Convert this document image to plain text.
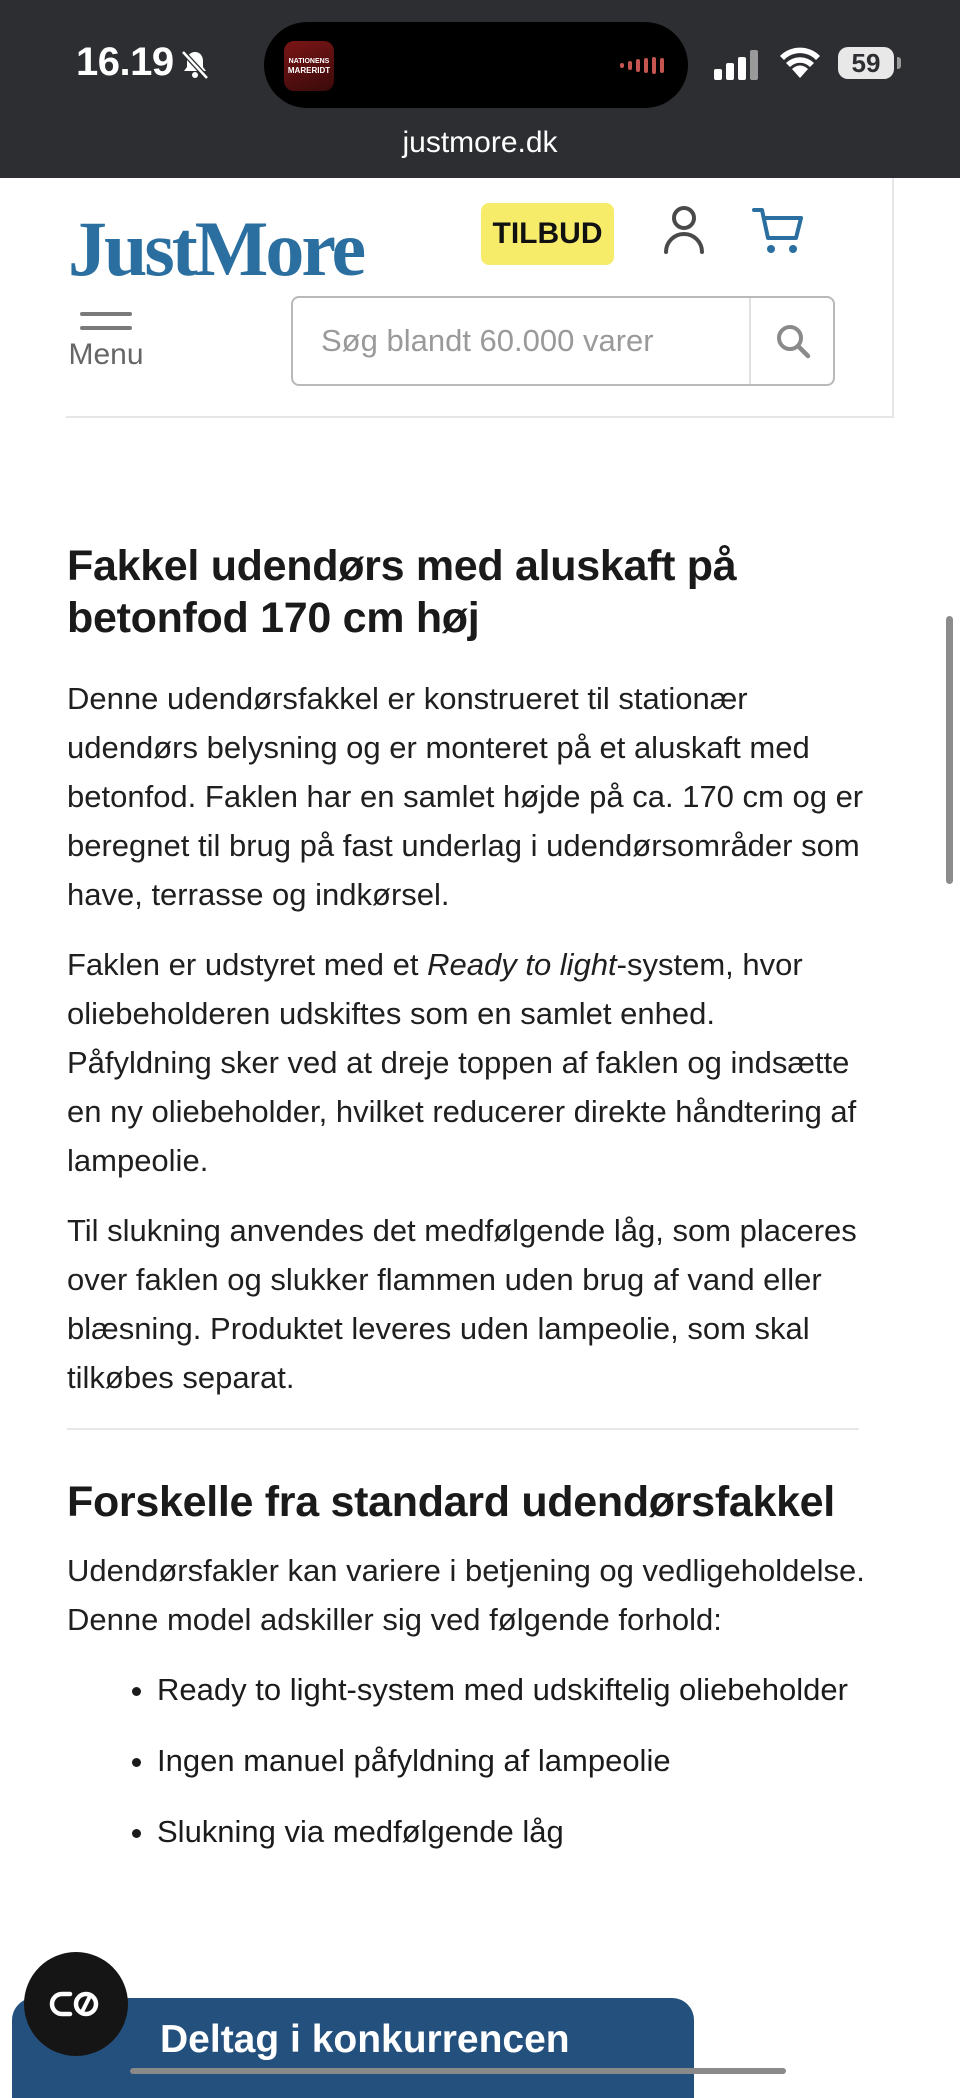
16.19	NATIONENS
MARERIDT	59
justmore.dk
JustMore	TILBUD
Menu
Søg blandt 60.000 varer
Fakkel udendørs med aluskaft på betonfod 170 cm høj

Denne udendørsfakkel er konstrueret til stationær udendørs belysning og er monteret på et aluskaft med betonfod. Faklen har en samlet højde på ca. 170 cm og er beregnet til brug på fast underlag i udendørsområder som have, terrasse og indkørsel.

Faklen er udstyret med et Ready to light-system, hvor oliebeholderen udskiftes som en samlet enhed. Påfyldning sker ved at dreje toppen af faklen og indsætte en ny oliebeholder, hvilket reducerer direkte håndtering af lampeolie.

Til slukning anvendes det medfølgende låg, som placeres over faklen og slukker flammen uden brug af vand eller blæsning. Produktet leveres uden lampeolie, som skal tilkøbes separat.

Forskelle fra standard udendørsfakkel

Udendørsfakler kan variere i betjening og vedligeholdelse. Denne model adskiller sig ved følgende forhold:

• Ready to light-system med udskiftelig oliebeholder
• Ingen manuel påfyldning af lampeolie
• Slukning via medfølgende låg
Deltag i konkurrencen
